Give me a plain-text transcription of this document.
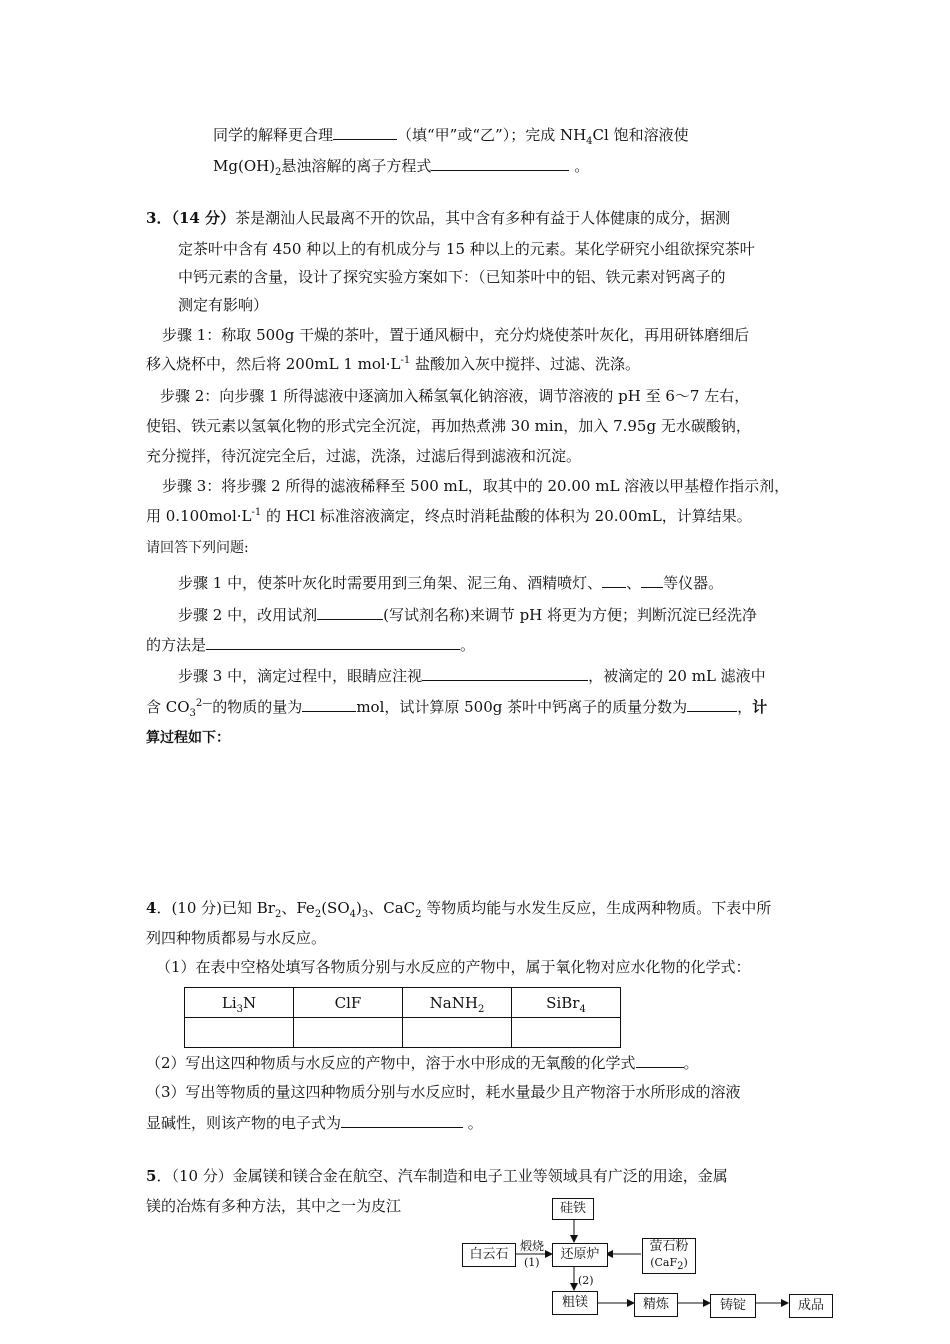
同学的解释更合理	（填“甲”或“乙”）；完成 $NH_4Cl$ 饱和溶液使
$Mg(OH)_2$悬浊溶解的离子方程式	。
3．（14 分）茶是潮汕人民最离不开的饮品，其中含有多种有益于人体健康的成分，据测
定茶叶中含有 450 种以上的有机成分与 15 种以上的元素。某化学研究小组欲探究茶叶
中钙元素的含量，设计了探究实验方案如下：（已知茶叶中的铝、铁元素对钙离子的
测定有影响）
步骤 1：称取 500g 干燥的茶叶，置于通风橱中，充分灼烧使茶叶灰化，再用研钵磨细后
移入烧杯中，然后将 200mL 1 $mol\cdot L^{-1}$ 盐酸加入灰中搅拌、过滤、洗涤。
步骤 2：向步骤 1 所得滤液中逐滴加入稀氢氧化钠溶液，调节溶液的 pH 至 6～7 左右，
使铝、铁元素以氢氧化物的形式完全沉淀，再加热煮沸 30 min，加入 7.95g 无水碳酸钠，
充分搅拌，待沉淀完全后，过滤，洗涤，过滤后得到滤液和沉淀。
步骤 3：将步骤 2 所得的滤液稀释至 500 mL，取其中的 20.00 mL 溶液以甲基橙作指示剂，
用 $0.100mol\cdot L^{-1}$ 的 HCl 标准溶液滴定，终点时消耗盐酸的体积为 20.00mL，计算结果。
请回答下列问题:
步骤 1 中，使茶叶灰化时需要用到三角架、泥三角、酒精喷灯、 、 等仪器。
步骤 2 中，改用试剂	(写试剂名称)来调节 pH 将更为方便；判断沉淀已经洗净
的方法是	。
步骤 3 中，滴定过程中，眼睛应注视	，被滴定的 20 mL 滤液中
含 $CO_3^{2—}$的物质的量为	mol，试计算原 500g 茶叶中钙离子的质量分数为	，计
算过程如下：
4．(10 分)已知 $Br_2$、$Fe_2(SO_4)_3$、CaC$_2$ 等物质均能与水发生反应，生成两种物质。下表中所
列四种物质都易与水反应。
（1）在表中空格处填写各物质分别与水反应的产物中，属于氧化物对应水化物的化学式：
$Li_3N$	ClF	NaNH$_2$	SiBr$_4$

（2）写出这四种物质与水反应的产物中，溶于水中形成的无氧酸的化学式	。
（3）写出等物质的量这四种物质分别与水反应时，耗水量最少且产物溶于水所形成的溶液
显碱性，则该产物的电子式为	。
5．（10 分）金属镁和镁合金在航空、汽车制造和电子工业等领域具有广泛的用途，金属
镁的冶炼有多种方法，其中之一为皮江	硅铁
白云石
煅烧
(1)
还原炉
萤石粉
(CaF$_2$)
(2)
粗镁	精炼	铸锭	成品
